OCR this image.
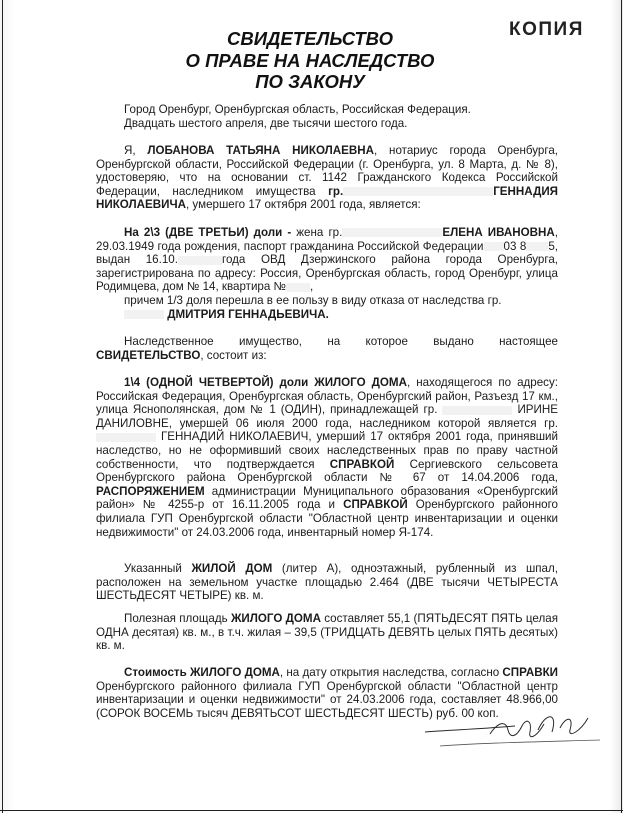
КОПИЯ
СВИДЕТЕЛЬСТВО
О ПРАВЕ НА НАСЛЕДСТВО
ПО ЗАКОНУ
Город Оренбург, Оренбургская область, Российская Федерация.
Двадцать шестого апреля, две тысячи шестого года.
Я, ЛОБАНОВА ТАТЬЯНА НИКОЛАЕВНА, нотариус города Оренбурга, Оренбургской области, Российской Федерации (г. Оренбурга, ул. 8 Марта, д. № 8), удостоверяю, что на основании ст. 1142 Гражданского Кодекса Российской Федерации, наследником имущества гр.	ГЕННАДИЯ НИКОЛАЕВИЧА, умершего 17 октября 2001 года, является:
На 2\3 (ДВЕ ТРЕТЬИ) доли - жена гр.	ЕЛЕНА ИВАНОВНА, 29.03.1949 года рождения, паспорт гражданина Российской Федерации 03 8 5, выдан 16.10.	года ОВД Дзержинского района города Оренбурга, зарегистрирована по адресу: Россия, Оренбургская область, город Оренбург, улица Родимцева, дом № 14, квартира № ,
причем 1/3 доля перешла в ее пользу в виду отказа от наследства гр.
ДМИТРИЯ ГЕННАДЬЕВИЧА.
Наследственное имущество, на которое выдано настоящее СВИДЕТЕЛЬСТВО, состоит из:
1\4 (ОДНОЙ ЧЕТВЕРТОЙ) доли ЖИЛОГО ДОМА, находящегося по адресу: Российская Федерация, Оренбургская область, Оренбургский район, Разъезд 17 км., улица Яснополянская, дом № 1 (ОДИН), принадлежащей гр.	ИРИНЕ ДАНИЛОВНЕ, умершей 06 июля 2000 года, наследником которой является гр.  ГЕННАДИЙ НИКОЛАЕВИЧ, умерший 17 октября 2001 года, принявший наследство, но не оформивший своих наследственных прав по праву частной собственности, что подтверждается СПРАВКОЙ Сергиевского сельсовета Оренбургского района Оренбургской области № 67 от 14.04.2006 года, РАСПОРЯЖЕНИЕМ администрации Муниципального образования «Оренбургский район» № 4255-р от 16.11.2005 года и СПРАВКОЙ Оренбургского районного филиала ГУП Оренбургской области "Областной центр инвентаризации и оценки недвижимости" от 24.03.2006 года, инвентарный номер Я-174.
Указанный ЖИЛОЙ ДОМ (литер А), одноэтажный, рубленный из шпал, расположен на земельном участке площадью 2.464 (ДВЕ тысячи ЧЕТЫРЕСТА ШЕСТЬДЕСЯТ ЧЕТЫРЕ) кв. м.
Полезная площадь ЖИЛОГО ДОМА составляет 55,1 (ПЯТЬДЕСЯТ ПЯТЬ целая ОДНА десятая) кв. м., в т.ч. жилая – 39,5 (ТРИДЦАТЬ ДЕВЯТЬ целых ПЯТЬ десятых) кв. м.
Стоимость ЖИЛОГО ДОМА, на дату открытия наследства, согласно СПРАВКИ Оренбургского районного филиала ГУП Оренбургской области "Областной центр инвентаризации и оценки недвижимости" от 24.03.2006 года, составляет 48.966,00 (СОРОК ВОСЕМЬ тысяч ДЕВЯТЬСОТ ШЕСТЬДЕСЯТ ШЕСТЬ) руб. 00 коп.
